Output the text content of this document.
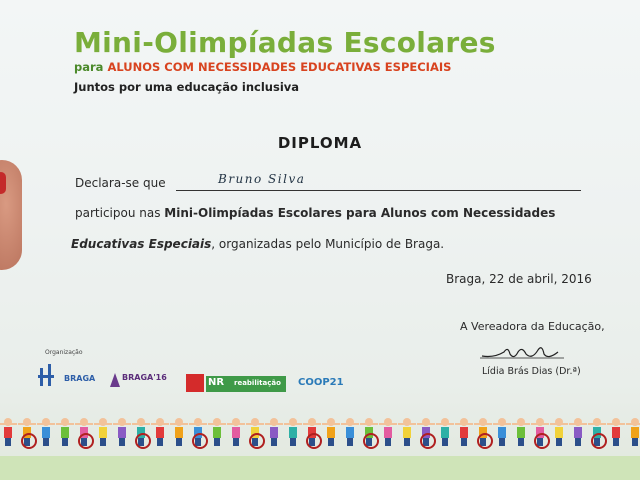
Mini-Olimpíadas Escolares
para ALUNOS COM NECESSIDADES EDUCATIVAS ESPECIAIS
Juntos por uma educação inclusiva
DIPLOMA
Declara-se que	Bruno Silva
participou nas Mini-Olimpíadas Escolares para Alunos com Necessidades
Educativas Especiais, organizadas pelo Município de Braga.
Braga, 22 de abril, 2016
A Vereadora da Educação,
Lídia Brás Dias (Dr.ª)
Organização
BRAGA	BRAGA'16	NR reabilitação COOP21
